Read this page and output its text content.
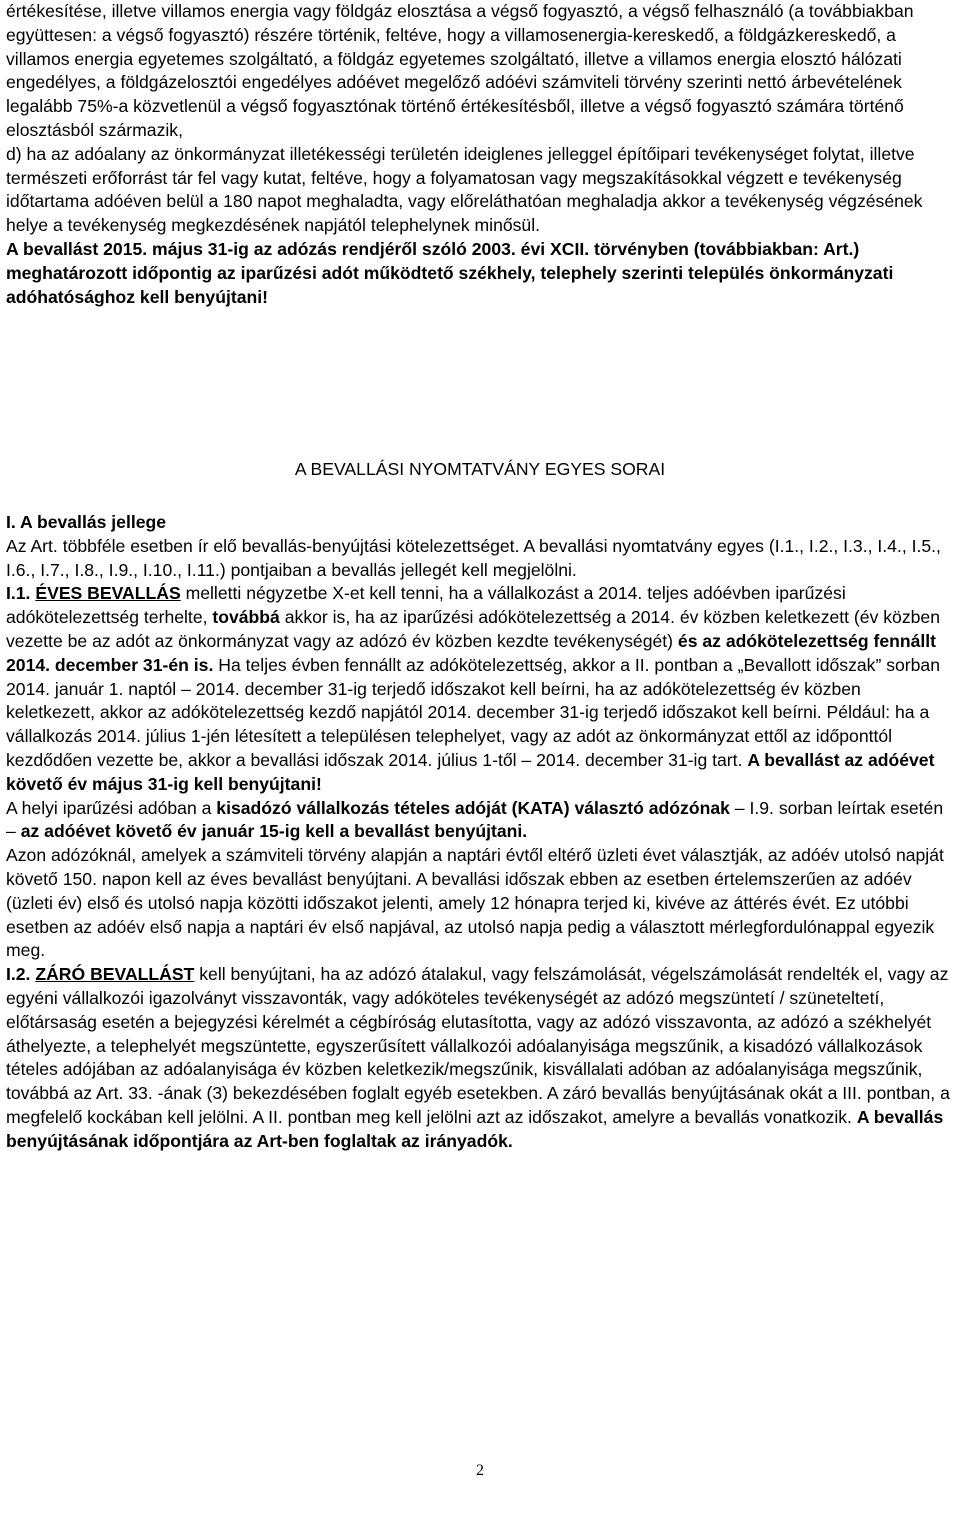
értékesítése, illetve villamos energia vagy földgáz elosztása a végső fogyasztó, a végső felhasználó (a továbbiakban együttesen: a végső fogyasztó) részére történik, feltéve, hogy a villamosenergia-kereskedő, a földgázkereskedő, a villamos energia egyetemes szolgáltató, a földgáz egyetemes szolgáltató, illetve a villamos energia elosztó hálózati engedélyes, a földgázelosztói engedélyes adóévet megelőző adóévi számviteli törvény szerinti nettó árbevételének legalább 75%-a közvetlenül a végső fogyasztónak történő értékesítésből, illetve a végső fogyasztó számára történő elosztásból származik,

d) ha az adóalany az önkormányzat illetékességi területén ideiglenes jelleggel építőipari tevékenységet folytat, illetve természeti erőforrást tár fel vagy kutat, feltéve, hogy a folyamatosan vagy megszakításokkal végzett e tevékenység időtartama adóéven belül a 180 napot meghaladta, vagy előreláthatóan meghaladja akkor a tevékenység végzésének helye a tevékenység megkezdésének napjától telephelynek minősül.

A bevallást 2015. május 31-ig az adózás rendjéről szóló 2003. évi XCII. törvényben (továbbiakban: Art.) meghatározott időpontig az iparűzési adót működtető székhely, telephely szerinti település önkormányzati adóhatósághoz kell benyújtani!

A BEVALLÁSI NYOMTATVÁNY EGYES SORAI

I. A bevallás jellege

Az Art. többféle esetben ír elő bevallás-benyújtási kötelezettséget. A bevallási nyomtatvány egyes (I.1., I.2., I.3., I.4., I.5., I.6., I.7., I.8., I.9., I.10., I.11.) pontjaiban a bevallás jellegét kell megjelölni.

I.1. ÉVES BEVALLÁS melletti négyzetbe X-et kell tenni, ha a vállalkozást a 2014. teljes adóévben iparűzési adókötelezettség terhelte, továbbá akkor is, ha az iparűzési adókötelezettség a 2014. év közben keletkezett (év közben vezette be az adót az önkormányzat vagy az adózó év közben kezdte tevékenységét) és az adókötelezettség fennállt 2014. december 31-én is. Ha teljes évben fennállt az adókötelezettség, akkor a II. pontban a „Bevallott időszak” sorban 2014. január 1. naptól – 2014. december 31-ig terjedő időszakot kell beírni, ha az adókötelezettség év közben keletkezett, akkor az adókötelezettség kezdő napjától 2014. december 31-ig terjedő időszakot kell beírni. Például: ha a vállalkozás 2014. július 1-jén létesített a településen telephelyet, vagy az adót az önkormányzat ettől az időponttól kezdődően vezette be, akkor a bevallási időszak 2014. július 1-től – 2014. december 31-ig tart. A bevallást az adóévet követő év május 31-ig kell benyújtani!

A helyi iparűzési adóban a kisadózó vállalkozás tételes adóját (KATA) választó adózónak – I.9. sorban leírtak esetén – az adóévet követő év január 15-ig kell a bevallást benyújtani.

Azon adózóknál, amelyek a számviteli törvény alapján a naptári évtől eltérő üzleti évet választják, az adóév utolsó napját követő 150. napon kell az éves bevallást benyújtani. A bevallási időszak ebben az esetben értelemszerűen az adóév (üzleti év) első és utolsó napja közötti időszakot jelenti, amely 12 hónapra terjed ki, kivéve az áttérés évét. Ez utóbbi esetben az adóév első napja a naptári év első napjával, az utolsó napja pedig a választott mérlegfordulónappal egyezik meg.

I.2. ZÁRÓ BEVALLÁST kell benyújtani, ha az adózó átalakul, vagy felszámolását, végelszámolását rendelték el, vagy az egyéni vállalkozói igazolványt visszavonták, vagy adóköteles tevékenységét az adózó megszüntetí / szüneteltetí, előtársaság esetén a bejegyzési kérelmét a cégbíróság elutasította, vagy az adózó visszavonta, az adózó a székhelyét áthelyezte, a telephelyét megszüntette, egyszerűsített vállalkozói adóalanyisága megszűnik, a kisadózó vállalkozások tételes adójában az adóalanyisága év közben keletkezik/megszűnik, kisvállalati adóban az adóalanyisága megszűnik, továbbá az Art. 33. -ának (3) bekezdésében foglalt egyéb esetekben. A záró bevallás benyújtásának okát a III. pontban, a megfelelő kockában kell jelölni. A II. pontban meg kell jelölni azt az időszakot, amelyre a bevallás vonatkozik. A bevallás benyújtásának időpontjára az Art-ben foglaltak az irányadók.

2
